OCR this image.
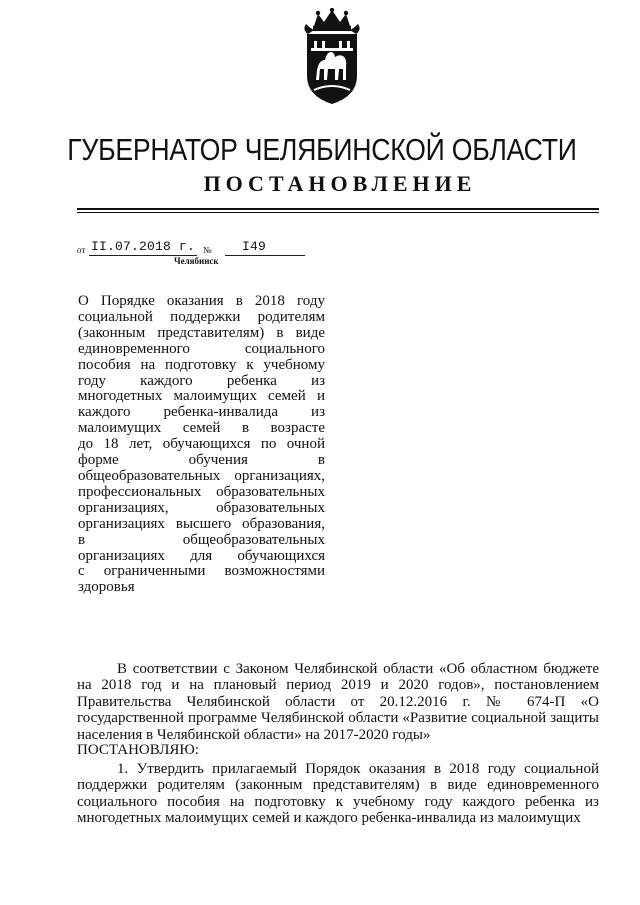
ГУБЕРНАТОР ЧЕЛЯБИНСКОЙ ОБЛАСТИ
ПОСТАНОВЛЕНИЕ
от II.07.2018 г. № I49
Челябинск
О Порядке оказания в 2018 году
социальной поддержки родителям
(законным представителям) в виде
единовременного социального
пособия на подготовку к учебному
году каждого ребенка из
многодетных малоимущих семей и
каждого ребенка-инвалида из
малоимущих семей в возрасте
до 18 лет, обучающихся по очной
форме обучения в
общеобразовательных организациях,
профессиональных образовательных
организациях, образовательных
организациях высшего образования,
в общеобразовательных
организациях для обучающихся
с ограниченными возможностями
здоровья

В соответствии с Законом Челябинской области «Об областном бюджете на 2018 год и на плановый период 2019 и 2020 годов», постановлением Правительства Челябинской области от 20.12.2016 г. № 674-П «О государственной программе Челябинской области «Развитие социальной защиты населения в Челябинской области» на 2017-2020 годы»

ПОСТАНОВЛЯЮ:

1. Утвердить прилагаемый Порядок оказания в 2018 году социальной поддержки родителям (законным представителям) в виде единовременного социального пособия на подготовку к учебному году каждого ребенка из многодетных малоимущих семей и каждого ребенка-инвалида из малоимущих
